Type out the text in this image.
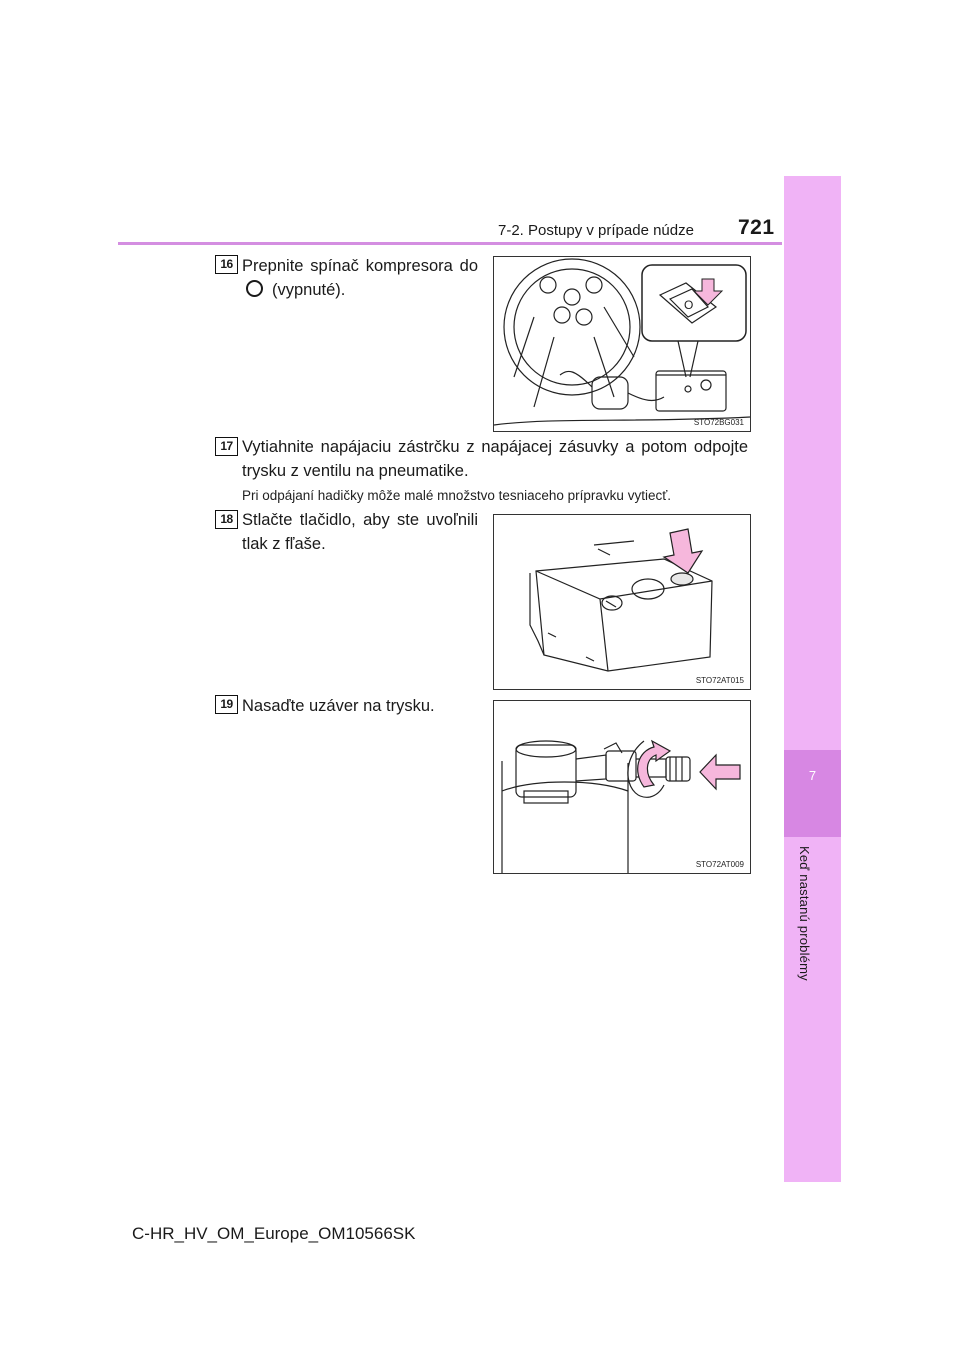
7
Keď nastanú problémy
7-2. Postupy v prípade núdze 721
16 Prepnite spínač kompresora do
(vypnuté).
O
STO72BG031
17 Vytiahnite napájaciu zástrčku z napájacej zásuvky a potom odpojte
trysku z ventilu na pneumatike.
Pri odpájaní hadičky môže malé množstvo tesniaceho prípravku vytiecť.
18 Stlačte tlačidlo, aby ste uvoľnili
tlak z fľaše.
STO72AT015
19 Nasaďte uzáver na trysku.
STO72AT009
C-HR_HV_OM_Europe_OM10566SK
